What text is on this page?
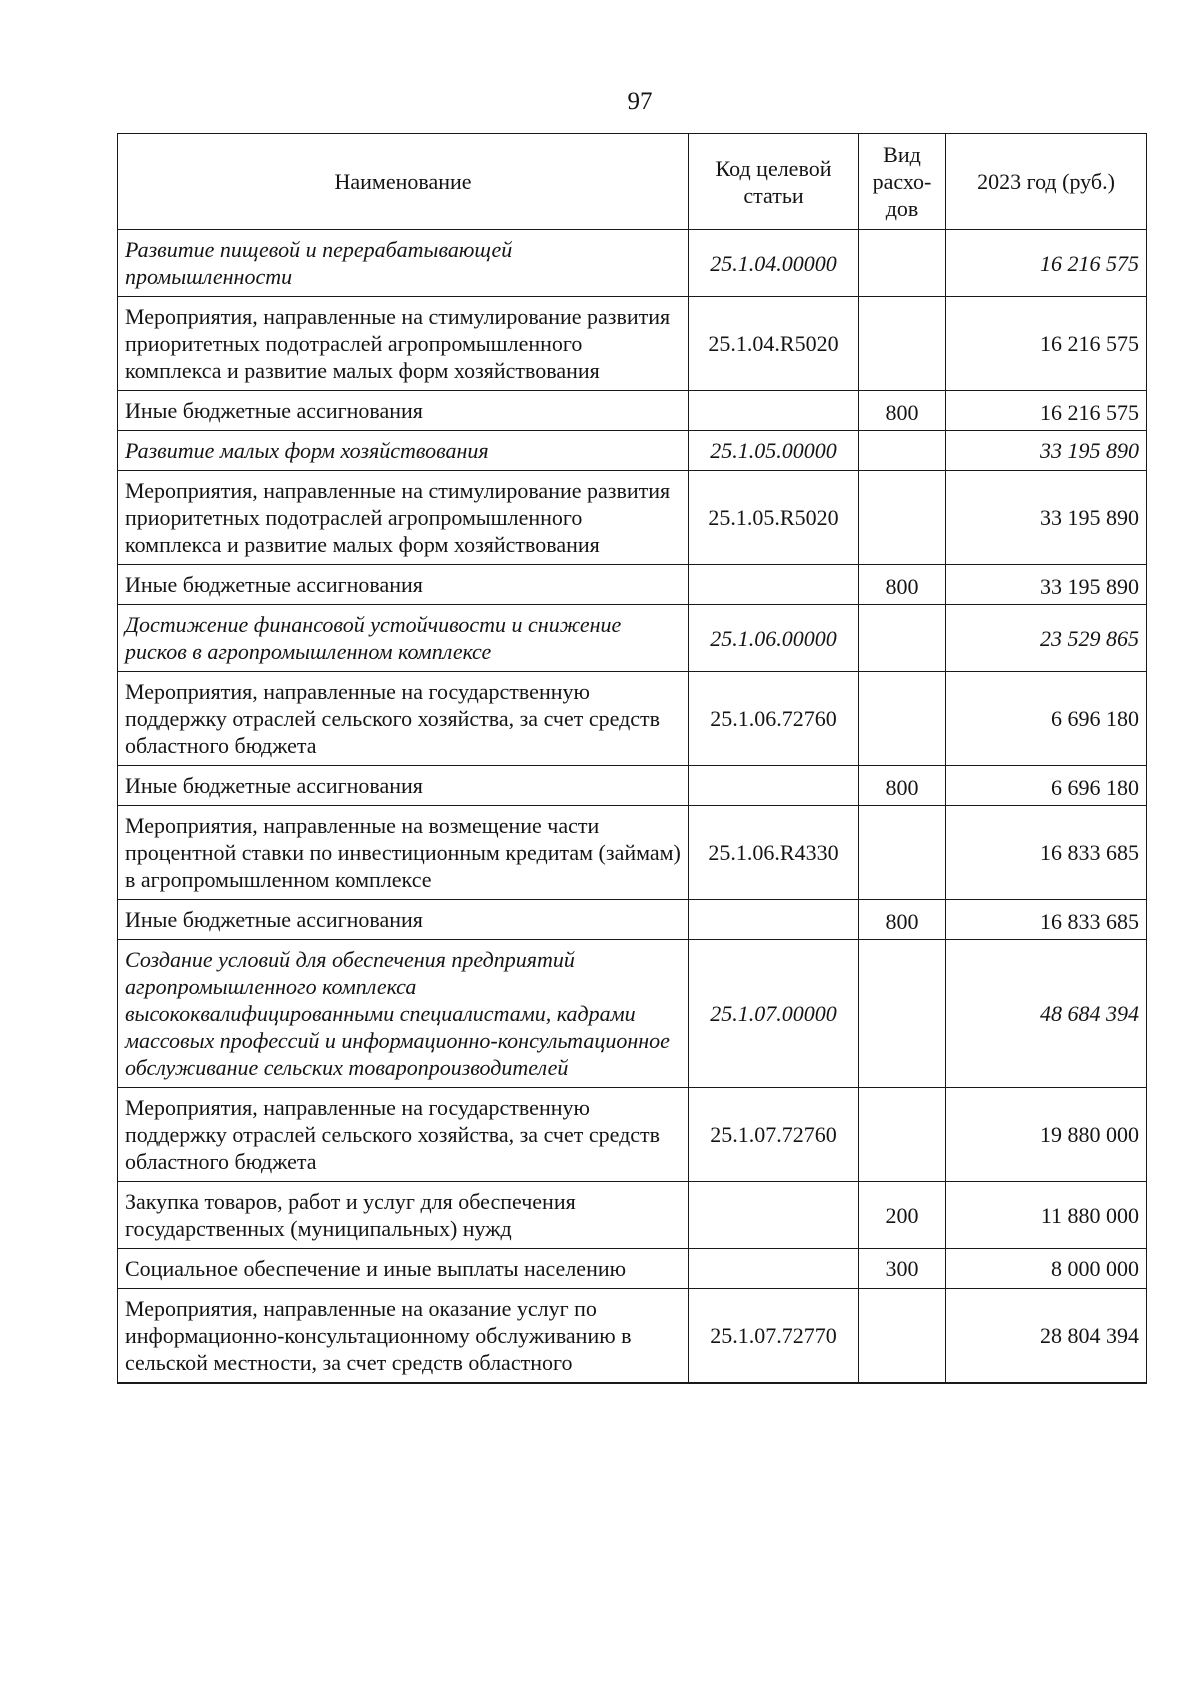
97
Наименование	Код целевой статьи	Вид расхо-дов	2023 год (руб.)
Развитие пищевой и перерабатывающей промышленности	25.1.04.00000		16 216 575
Мероприятия, направленные на стимулирование развития приоритетных подотраслей агропромышленного комплекса и развитие малых форм хозяйствования	25.1.04.R5020		16 216 575
Иные бюджетные ассигнования		800	16 216 575
Развитие малых форм хозяйствования	25.1.05.00000		33 195 890
Мероприятия, направленные на стимулирование развития приоритетных подотраслей агропромышленного комплекса и развитие малых форм хозяйствования	25.1.05.R5020		33 195 890
Иные бюджетные ассигнования		800	33 195 890
Достижение финансовой устойчивости и снижение рисков в агропромышленном комплексе	25.1.06.00000		23 529 865
Мероприятия, направленные на государственную поддержку отраслей сельского хозяйства, за счет средств областного бюджета	25.1.06.72760		6 696 180
Иные бюджетные ассигнования		800	6 696 180
Мероприятия, направленные на возмещение части процентной ставки по инвестиционным кредитам (займам) в агропромышленном комплексе	25.1.06.R4330		16 833 685
Иные бюджетные ассигнования		800	16 833 685
Создание условий для обеспечения предприятий агропромышленного комплекса высококвалифицированными специалистами, кадрами массовых профессий и информационно-консультационное обслуживание сельских товаропроизводителей	25.1.07.00000		48 684 394
Мероприятия, направленные на государственную поддержку отраслей сельского хозяйства, за счет средств областного бюджета	25.1.07.72760		19 880 000
Закупка товаров, работ и услуг для обеспечения государственных (муниципальных) нужд		200	11 880 000
Социальное обеспечение и иные выплаты населению		300	8 000 000
Мероприятия, направленные на оказание услуг по информационно-консультационному обслуживанию в сельской местности, за счет средств областного	25.1.07.72770		28 804 394
